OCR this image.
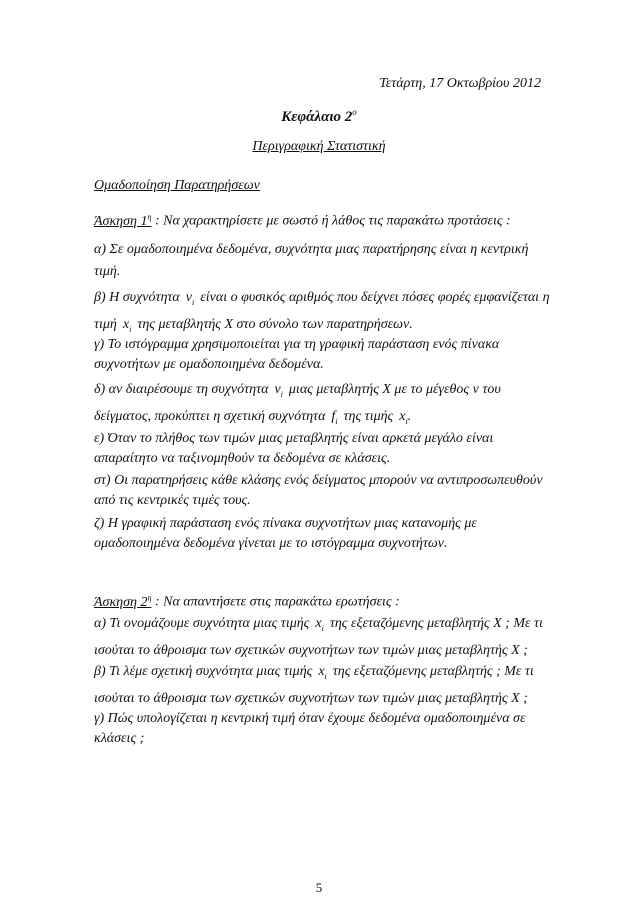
Τετάρτη, 17 Οκτωβρίου 2012
Κεφάλαιο $2^o$
Περιγραφική Στατιστική
Ομαδοποίηση Παρατηρήσεων
Άσκηση $1^\eta$ : Να χαρακτηρίσετε με σωστό ή λάθος τις παρακάτω προτάσεις :
α) Σε ομαδοποιημένα δεδομένα, συχνότητα μιας παρατήρησης είναι η κεντρική τιμή.
β) Η συχνότητα $\nu_i$ είναι ο φυσικός αριθμός που δείχνει πόσες φορές εμφανίζεται η τιμή $x_i$ της μεταβλητής Χ στο σύνολο των παρατηρήσεων.
γ) Το ιστόγραμμα χρησιμοποιείται για τη γραφική παράσταση ενός πίνακα συχνοτήτων με ομαδοποιημένα δεδομένα.
δ) αν διαιρέσουμε τη συχνότητα $\nu_i$ μιας μεταβλητής Χ με το μέγεθος ν του δείγματος, προκύπτει η σχετική συχνότητα $f_i$ της τιμής $x_i$.
ε) Όταν το πλήθος των τιμών μιας μεταβλητής είναι αρκετά μεγάλο είναι απαραίτητο να ταξινομηθούν τα δεδομένα σε κλάσεις.
στ) Οι παρατηρήσεις κάθε κλάσης ενός δείγματος μπορούν να αντιπροσωπευθούν από τις κεντρικές τιμές τους.
ζ) Η γραφική παράσταση ενός πίνακα συχνοτήτων μιας κατανομής με ομαδοποιημένα δεδομένα γίνεται με το ιστόγραμμα συχνοτήτων.
Άσκηση $2^\eta$ : Να απαντήσετε στις παρακάτω ερωτήσεις :
α) Τι ονομάζουμε συχνότητα μιας τιμής $x_i$ της εξεταζόμενης μεταβλητής Χ ; Με τι ισούται το άθροισμα των σχετικών συχνοτήτων των τιμών μιας μεταβλητής Χ ;
β) Τι λέμε σχετική συχνότητα μιας τιμής $x_i$ της εξεταζόμενης μεταβλητής ; Με τι ισούται το άθροισμα των σχετικών συχνοτήτων των τιμών μιας μεταβλητής Χ ;
γ) Πώς υπολογίζεται η κεντρική τιμή όταν έχουμε δεδομένα ομαδοποιημένα σε κλάσεις ;
5
